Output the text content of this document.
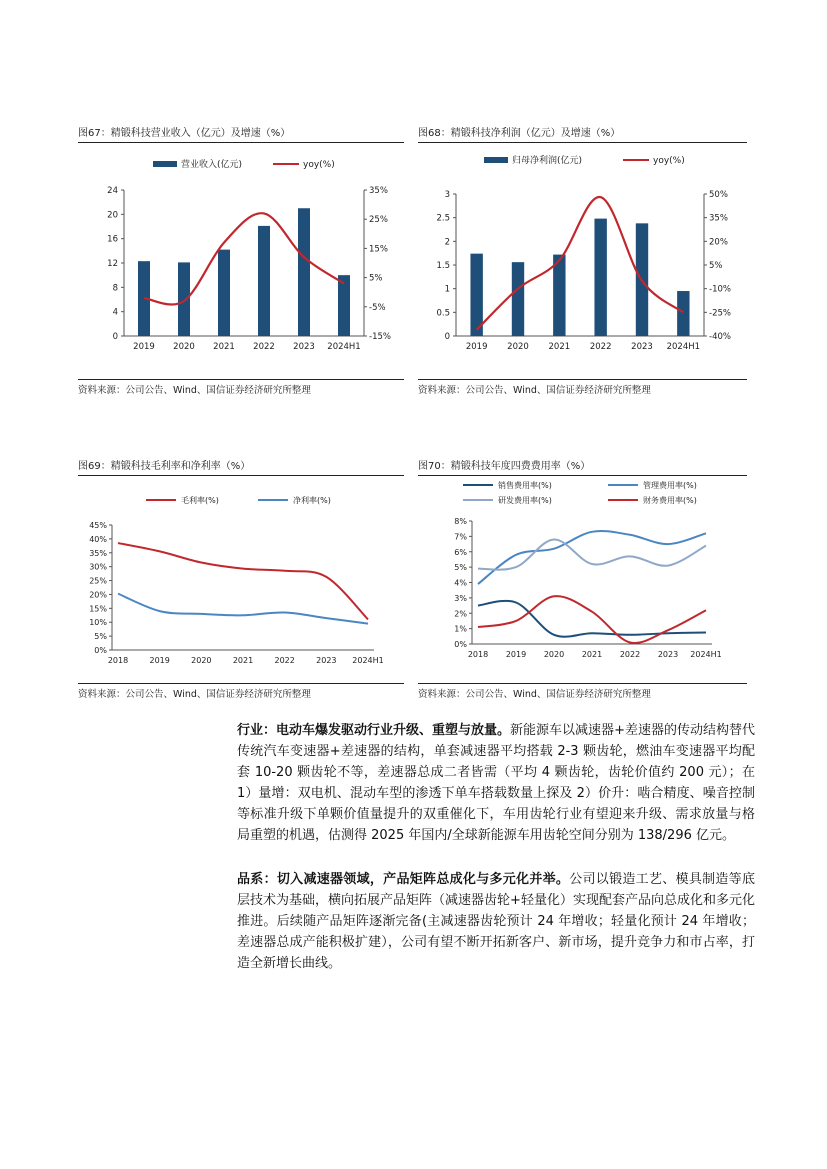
图67：精锻科技营业收入（亿元）及增速（%）
营业收入(亿元)	yoy(%)
0
4
8
12
16
20
24
-15%
-5%
5%
15%
25%
35%
2019 2020 2021 2022 2023 2024H1
资料来源：公司公告、Wind、国信证券经济研究所整理
图68：精锻科技净利润（亿元）及增速（%）
归母净利润(亿元)	yoy(%)
0
0.5
1
1.5
2
2.5
3
-40%
-25%
-10%
5%
20%
35%
50%
2019 2020 2021 2022 2023 2024H1
资料来源：公司公告、Wind、国信证券经济研究所整理
图69：精锻科技毛利率和净利率（%）
毛利率(%)	净利率(%)
0%
5%
10%
15%
20%
25%
30%
35%
40%
45%
2018	2019	2020	2021	2022	2023 2024H1
资料来源：公司公告、Wind、国信证券经济研究所整理
图70：精锻科技年度四费费用率（%）
销售费用率(%)	管理费用率(%)
研发费用率(%)	财务费用率(%)
0%
1%
2%
3%
4%
5%
6%
7%
8%
2018 2019 2020 2021 2022 2023 2024H1
资料来源：公司公告、Wind、国信证券经济研究所整理
行业：电动车爆发驱动行业升级、重塑与放量。新能源车以减速器+差速器的传动结构替代传统汽车变速器+差速器的结构，单套减速器平均搭载 2-3 颗齿轮，燃油车变速器平均配套 10-20 颗齿轮不等，差速器总成二者皆需（平均 4 颗齿轮，齿轮价值约 200 元）；在 1）量增：双电机、混动车型的渗透下单车搭载数量上探及 2）价升：啮合精度、噪音控制等标准升级下单颗价值量提升的双重催化下，车用齿轮行业有望迎来升级、需求放量与格局重塑的机遇，估测得 2025 年国内/全球新能源车用齿轮空间分别为 138/296 亿元。
品系：切入减速器领域，产品矩阵总成化与多元化并举。公司以锻造工艺、模具制造等底层技术为基础，横向拓展产品矩阵（减速器齿轮+轻量化）实现配套产品向总成化和多元化推进。后续随产品矩阵逐渐完备(主减速器齿轮预计 24 年增收；轻量化预计 24 年增收；差速器总成产能积极扩建），公司有望不断开拓新客户、新市场，提升竞争力和市占率，打造全新增长曲线。
